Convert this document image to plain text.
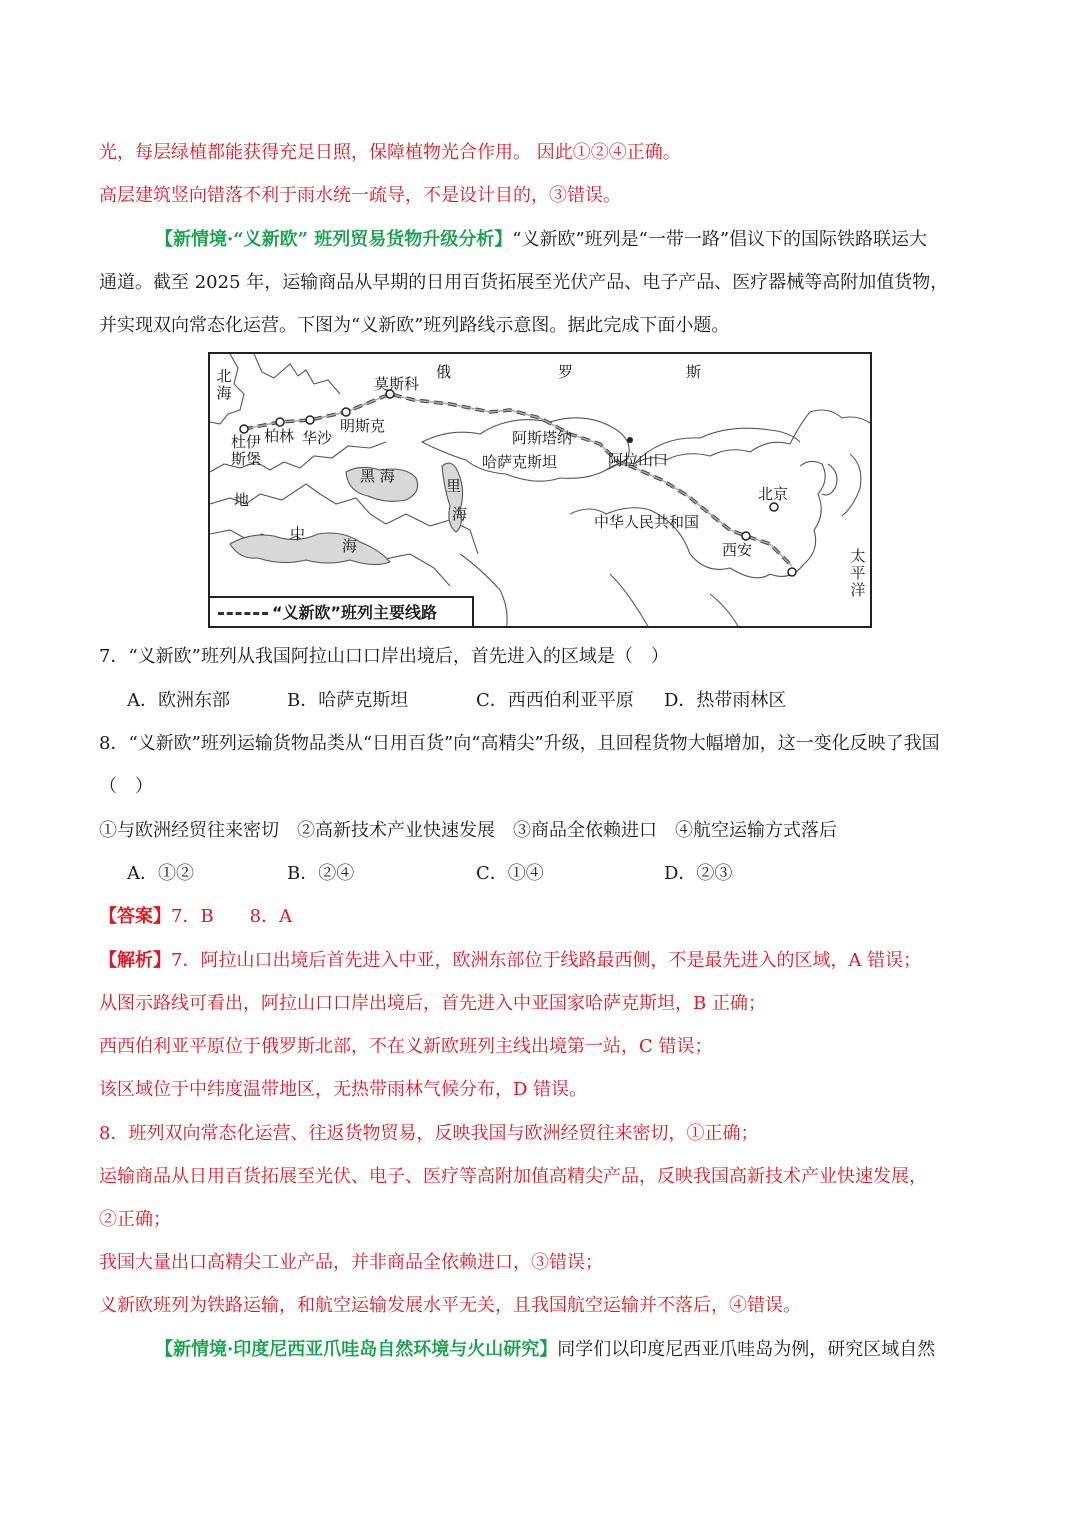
光，每层绿植都能获得充足日照，保障植物光合作用。 因此①②④正确。
高层建筑竖向错落不利于雨水统一疏导，不是设计目的，③错误。
【新情境·“义新欧” 班列贸易货物升级分析】“义新欧”班列是“一带一路”倡议下的国际铁路联运大
通道。截至 2025 年，运输商品从早期的日用百货拓展至光伏产品、电子产品、医疗器械等高附加值货物，
并实现双向常态化运营。下图为“义新欧”班列路线示意图。据此完成下面小题。
北海
俄	罗	斯
莫斯科
杜伊斯堡
柏林 华沙
明斯克
阿斯塔纳
哈萨克斯坦	阿拉山口
黑 海
里
海
北京
中华人民共和国
西安
地
中
海
太平洋
“义新欧”班列主要线路
7．“义新欧”班列从我国阿拉山口口岸出境后，首先进入的区域是（　）
A．欧洲东部	B．哈萨克斯坦	C．西西伯利亚平原 D．热带雨林区
8．“义新欧”班列运输货物品类从“日用百货”向“高精尖”升级，且回程货物大幅增加，这一变化反映了我国
（　）
①与欧洲经贸往来密切　②高新技术产业快速发展　③商品全依赖进口　④航空运输方式落后
A．①②	B．②④	C．①④	D．②③
【答案】7．B　　8．A
【解析】7．阿拉山口出境后首先进入中亚，欧洲东部位于线路最西侧，不是最先进入的区域，A 错误；
从图示路线可看出，阿拉山口口岸出境后，首先进入中亚国家哈萨克斯坦，B 正确；
西西伯利亚平原位于俄罗斯北部，不在义新欧班列主线出境第一站，C 错误；
该区域位于中纬度温带地区，无热带雨林气候分布，D 错误。
8．班列双向常态化运营、往返货物贸易，反映我国与欧洲经贸往来密切，①正确；
运输商品从日用百货拓展至光伏、电子、医疗等高附加值高精尖产品，反映我国高新技术产业快速发展，
②正确；
我国大量出口高精尖工业产品，并非商品全依赖进口，③错误；
义新欧班列为铁路运输，和航空运输发展水平无关，且我国航空运输并不落后，④错误。
【新情境·印度尼西亚爪哇岛自然环境与火山研究】同学们以印度尼西亚爪哇岛为例，研究区域自然
